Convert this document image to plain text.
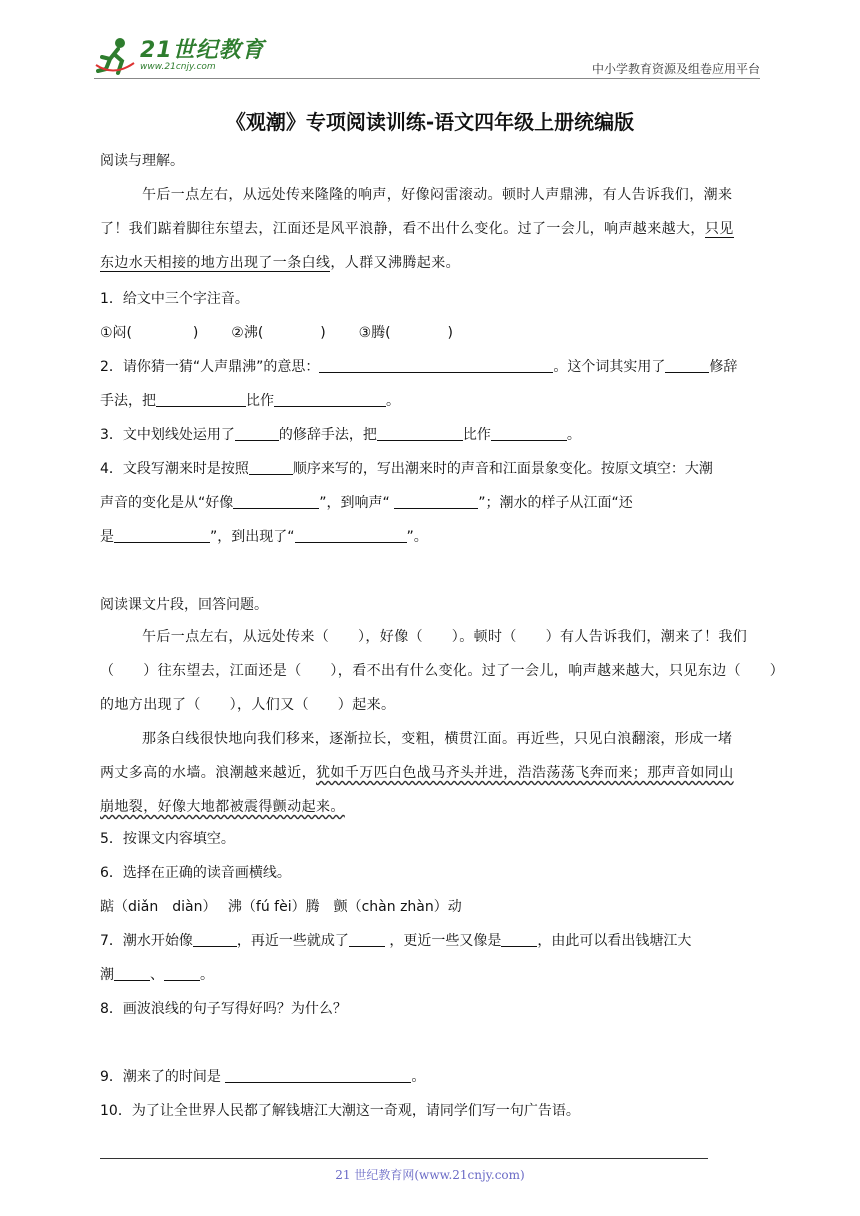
21世纪教育
www.21cnjy.com	中小学教育资源及组卷应用平台
《观潮》专项阅读训练-语文四年级上册统编版
阅读与理解。
午后一点左右，从远处传来隆隆的响声，好像闷雷滚动。顿时人声鼎沸，有人告诉我们，潮来
了！我们踮着脚往东望去，江面还是风平浪静，看不出什么变化。过了一会儿，响声越来越大，只见
东边水天相接的地方出现了一条白线，人群又沸腾起来。
1．给文中三个字注音。
①闷(	) ②沸(	) ③腾(	)
2．请你猜一猜“人声鼎沸”的意思：	。这个词其实用了	修辞
手法，把	比作	。
3．文中划线处运用了	的修辞手法，把	比作	。
4．文段写潮来时是按照	顺序来写的，写出潮来时的声音和江面景象变化。按原文填空：大潮
声音的变化是从“好像	”，到响声“	”；潮水的样子从江面“还
是	”，到出现了“	”。
阅读课文片段，回答问题。
午后一点左右，从远处传来（　　），好像（　　）。顿时（　　）有人告诉我们，潮来了！我们
（　　）往东望去，江面还是（　　），看不出有什么变化。过了一会儿，响声越来越大，只见东边（　　）
的地方出现了（　　），人们又（　　）起来。
那条白线很快地向我们移来，逐渐拉长，变粗，横贯江面。再近些，只见白浪翻滚，形成一堵
两丈多高的水墙。浪潮越来越近，犹如千万匹白色战马齐头并进，浩浩荡荡飞奔而来；那声音如同山
崩地裂，好像大地都被震得颤动起来。
5．按课文内容填空。
6．选择在正确的读音画横线。
踮（diǎn　diàn）　 沸（fú fèi）腾　颤（chàn zhàn）动
7．潮水开始像	，再近一些就成了	，更近一些又像是	，由此可以看出钱塘江大
潮	、	。
8．画波浪线的句子写得好吗？为什么？
9．潮来了的时间是	。
10．为了让全世界人民都了解钱塘江大潮这一奇观，请同学们写一句广告语。
21 世纪教育网(www.21cnjy.com)
